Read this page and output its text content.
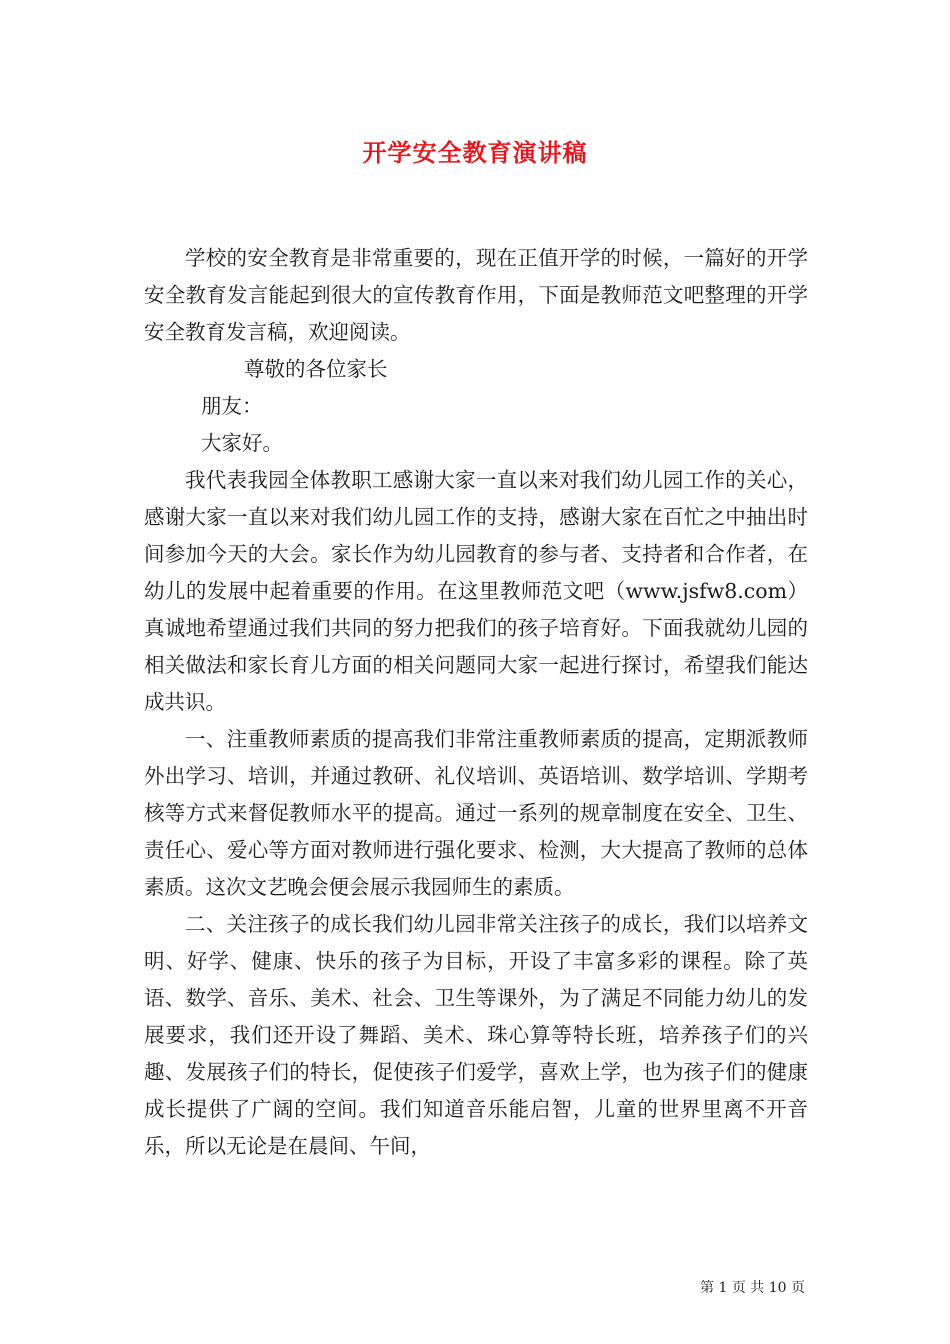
开学安全教育演讲稿

学校的安全教育是非常重要的，现在正值开学的时候，一篇好的开学安全教育发言能起到很大的宣传教育作用，下面是教师范文吧整理的开学安全教育发言稿，欢迎阅读。

尊敬的各位家长

朋友：

大家好。

我代表我园全体教职工感谢大家一直以来对我们幼儿园工作的关心，感谢大家一直以来对我们幼儿园工作的支持，感谢大家在百忙之中抽出时间参加今天的大会。家长作为幼儿园教育的参与者、支持者和合作者，在幼儿的发展中起着重要的作用。在这里教师范文吧（www.jsfw8.com）真诚地希望通过我们共同的努力把我们的孩子培育好。下面我就幼儿园的相关做法和家长育儿方面的相关问题同大家一起进行探讨，希望我们能达成共识。

一、注重教师素质的提高我们非常注重教师素质的提高，定期派教师外出学习、培训，并通过教研、礼仪培训、英语培训、数学培训、学期考核等方式来督促教师水平的提高。通过一系列的规章制度在安全、卫生、责任心、爱心等方面对教师进行强化要求、检测，大大提高了教师的总体素质。这次文艺晚会便会展示我园师生的素质。

二、关注孩子的成长我们幼儿园非常关注孩子的成长，我们以培养文明、好学、健康、快乐的孩子为目标，开设了丰富多彩的课程。除了英语、数学、音乐、美术、社会、卫生等课外，为了满足不同能力幼儿的发展要求，我们还开设了舞蹈、美术、珠心算等特长班，培养孩子们的兴趣、发展孩子们的特长，促使孩子们爱学，喜欢上学，也为孩子们的健康成长提供了广阔的空间。我们知道音乐能启智，儿童的世界里离不开音乐，所以无论是在晨间、午间，

第 1 页 共 10 页
